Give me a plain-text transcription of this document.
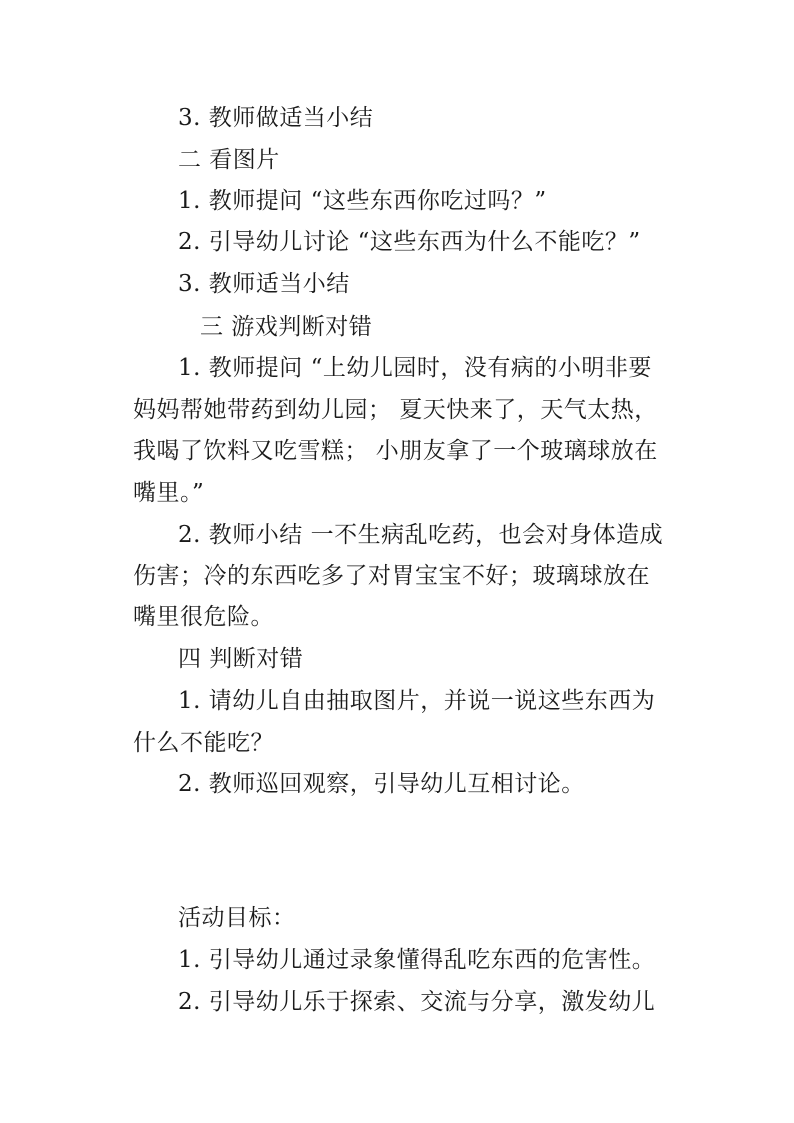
3. 教师做适当小结
二 看图片
1. 教师提问 “这些东西你吃过吗？”
2. 引导幼儿讨论 “这些东西为什么不能吃？”
3. 教师适当小结
三 游戏判断对错
1. 教师提问 “上幼儿园时，没有病的小明非要
妈妈帮她带药到幼儿园； 夏天快来了，天气太热，
我喝了饮料又吃雪糕； 小朋友拿了一个玻璃球放在
嘴里。”
2. 教师小结 一不生病乱吃药，也会对身体造成
伤害；冷的东西吃多了对胃宝宝不好；玻璃球放在
嘴里很危险。
四 判断对错
1. 请幼儿自由抽取图片，并说一说这些东西为
什么不能吃？
2. 教师巡回观察，引导幼儿互相讨论。
活动目标：
1. 引导幼儿通过录象懂得乱吃东西的危害性。
2. 引导幼儿乐于探索、交流与分享，激发幼儿
